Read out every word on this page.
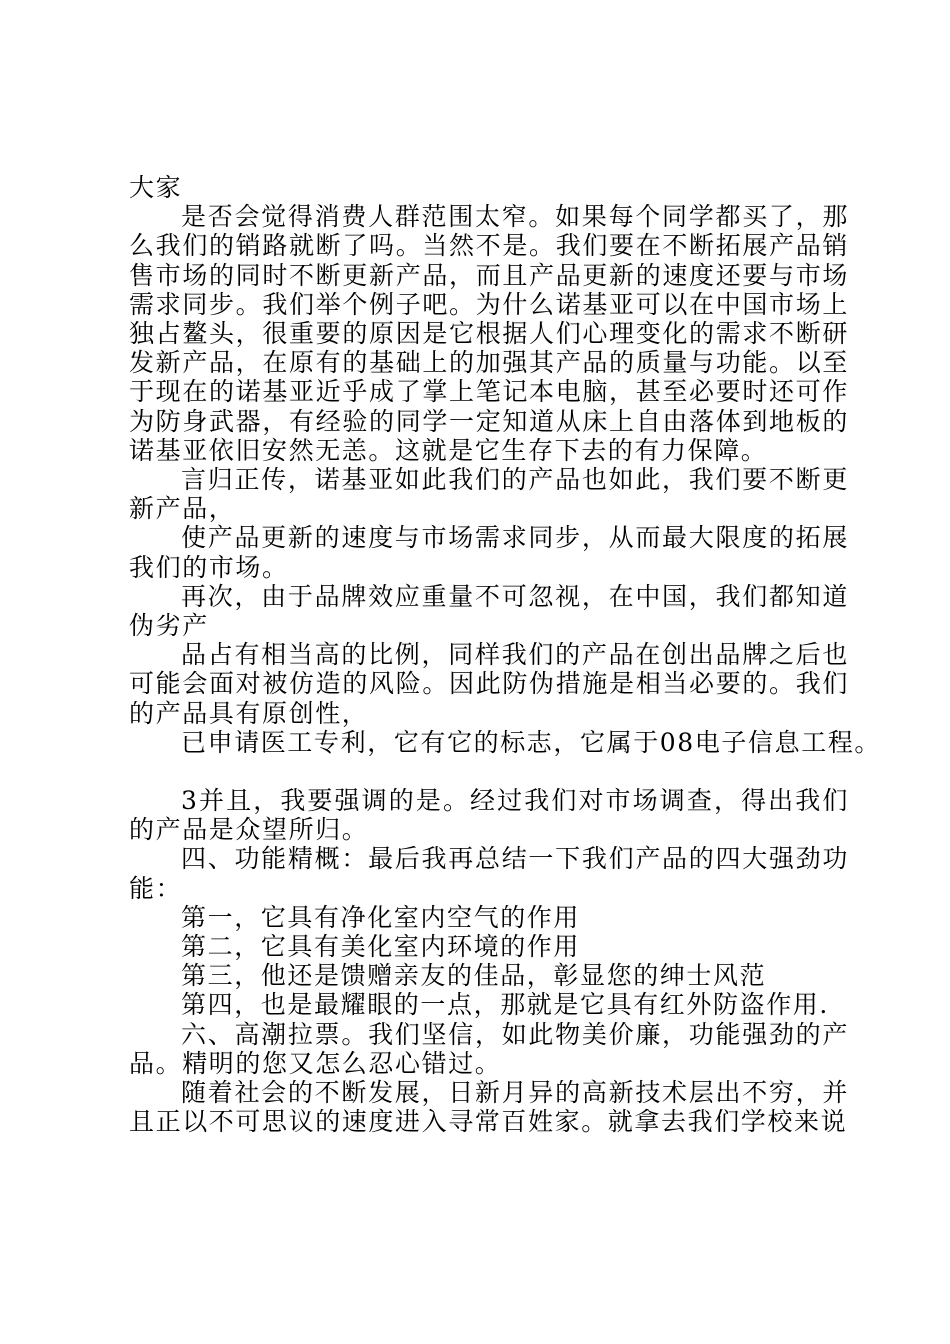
大家

是否会觉得消费人群范围太窄。如果每个同学都买了，那么我们的销路就断了吗。当然不是。我们要在不断拓展产品销售市场的同时不断更新产品，而且产品更新的速度还要与市场需求同步。我们举个例子吧。为什么诺基亚可以在中国市场上独占鳌头，很重要的原因是它根据人们心理变化的需求不断研发新产品，在原有的基础上的加强其产品的质量与功能。以至于现在的诺基亚近乎成了掌上笔记本电脑，甚至必要时还可作为防身武器，有经验的同学一定知道从床上自由落体到地板的诺基亚依旧安然无恙。这就是它生存下去的有力保障。

言归正传，诺基亚如此我们的产品也如此，我们要不断更新产品，

使产品更新的速度与市场需求同步，从而最大限度的拓展我们的市场。

再次，由于品牌效应重量不可忽视，在中国，我们都知道伪劣产

品占有相当高的比例，同样我们的产品在创出品牌之后也可能会面对被仿造的风险。因此防伪措施是相当必要的。我们的产品具有原创性，

已申请医工专利，它有它的标志，它属于08电子信息工程。

3并且，我要强调的是。经过我们对市场调查，得出我们的产品是众望所归。

四、功能精概：最后我再总结一下我们产品的四大强劲功能：

第一，它具有净化室内空气的作用

第二，它具有美化室内环境的作用

第三，他还是馈赠亲友的佳品，彰显您的绅士风范

第四，也是最耀眼的一点，那就是它具有红外防盗作用.

六、高潮拉票。我们坚信，如此物美价廉，功能强劲的产品。精明的您又怎么忍心错过。

随着社会的不断发展，日新月异的高新技术层出不穷，并且正以不可思议的速度进入寻常百姓家。就拿去我们学校来说
